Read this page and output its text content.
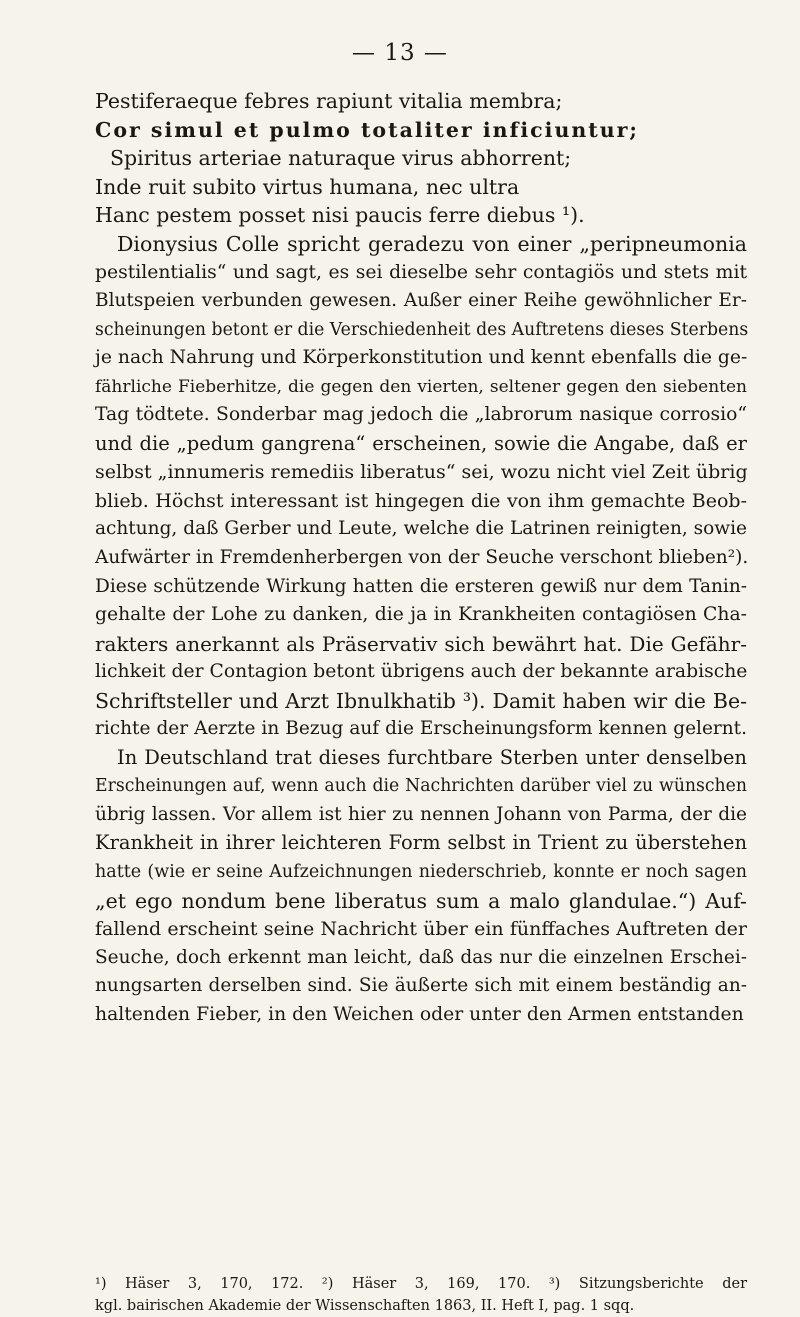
— 13 —
Pestiferaeque febres rapiunt vitalia membra;
Cor simul et pulmo totaliter inficiuntur;
Spiritus arteriae naturaque virus abhorrent;
Inde ruit subito virtus humana, nec ultra
Hanc pestem posset nisi paucis ferre diebus ¹).
Dionysius Colle spricht geradezu von einer „peripneumonia
pestilentialis“ und sagt, es sei dieselbe sehr contagiös und stets mit
Blutspeien verbunden gewesen. Außer einer Reihe gewöhnlicher Er-
scheinungen betont er die Verschiedenheit des Auftretens dieses Sterbens
je nach Nahrung und Körperkonstitution und kennt ebenfalls die ge-
fährliche Fieberhitze, die gegen den vierten, seltener gegen den siebenten
Tag tödtete. Sonderbar mag jedoch die „labrorum nasique corrosio“
und die „pedum gangrena“ erscheinen, sowie die Angabe, daß er
selbst „innumeris remediis liberatus“ sei, wozu nicht viel Zeit übrig
blieb. Höchst interessant ist hingegen die von ihm gemachte Beob-
achtung, daß Gerber und Leute, welche die Latrinen reinigten, sowie
Aufwärter in Fremdenherbergen von der Seuche verschont blieben²).
Diese schützende Wirkung hatten die ersteren gewiß nur dem Tanin-
gehalte der Lohe zu danken, die ja in Krankheiten contagiösen Cha-
rakters anerkannt als Präservativ sich bewährt hat. Die Gefähr-
lichkeit der Contagion betont übrigens auch der bekannte arabische
Schriftsteller und Arzt Ibnulkhatib ³). Damit haben wir die Be-
richte der Aerzte in Bezug auf die Erscheinungsform kennen gelernt.
In Deutschland trat dieses furchtbare Sterben unter denselben
Erscheinungen auf, wenn auch die Nachrichten darüber viel zu wünschen
übrig lassen. Vor allem ist hier zu nennen Johann von Parma, der die
Krankheit in ihrer leichteren Form selbst in Trient zu überstehen
hatte (wie er seine Aufzeichnungen niederschrieb, konnte er noch sagen
„et ego nondum bene liberatus sum a malo glandulae.“) Auf-
fallend erscheint seine Nachricht über ein fünffaches Auftreten der
Seuche, doch erkennt man leicht, daß das nur die einzelnen Erschei-
nungsarten derselben sind. Sie äußerte sich mit einem beständig an-
haltenden Fieber, in den Weichen oder unter den Armen entstanden
¹) Häser 3, 170, 172. ²) Häser 3, 169, 170. ³) Sitzungsberichte der
kgl. bairischen Akademie der Wissenschaften 1863, II. Heft I, pag. 1 sqq.
